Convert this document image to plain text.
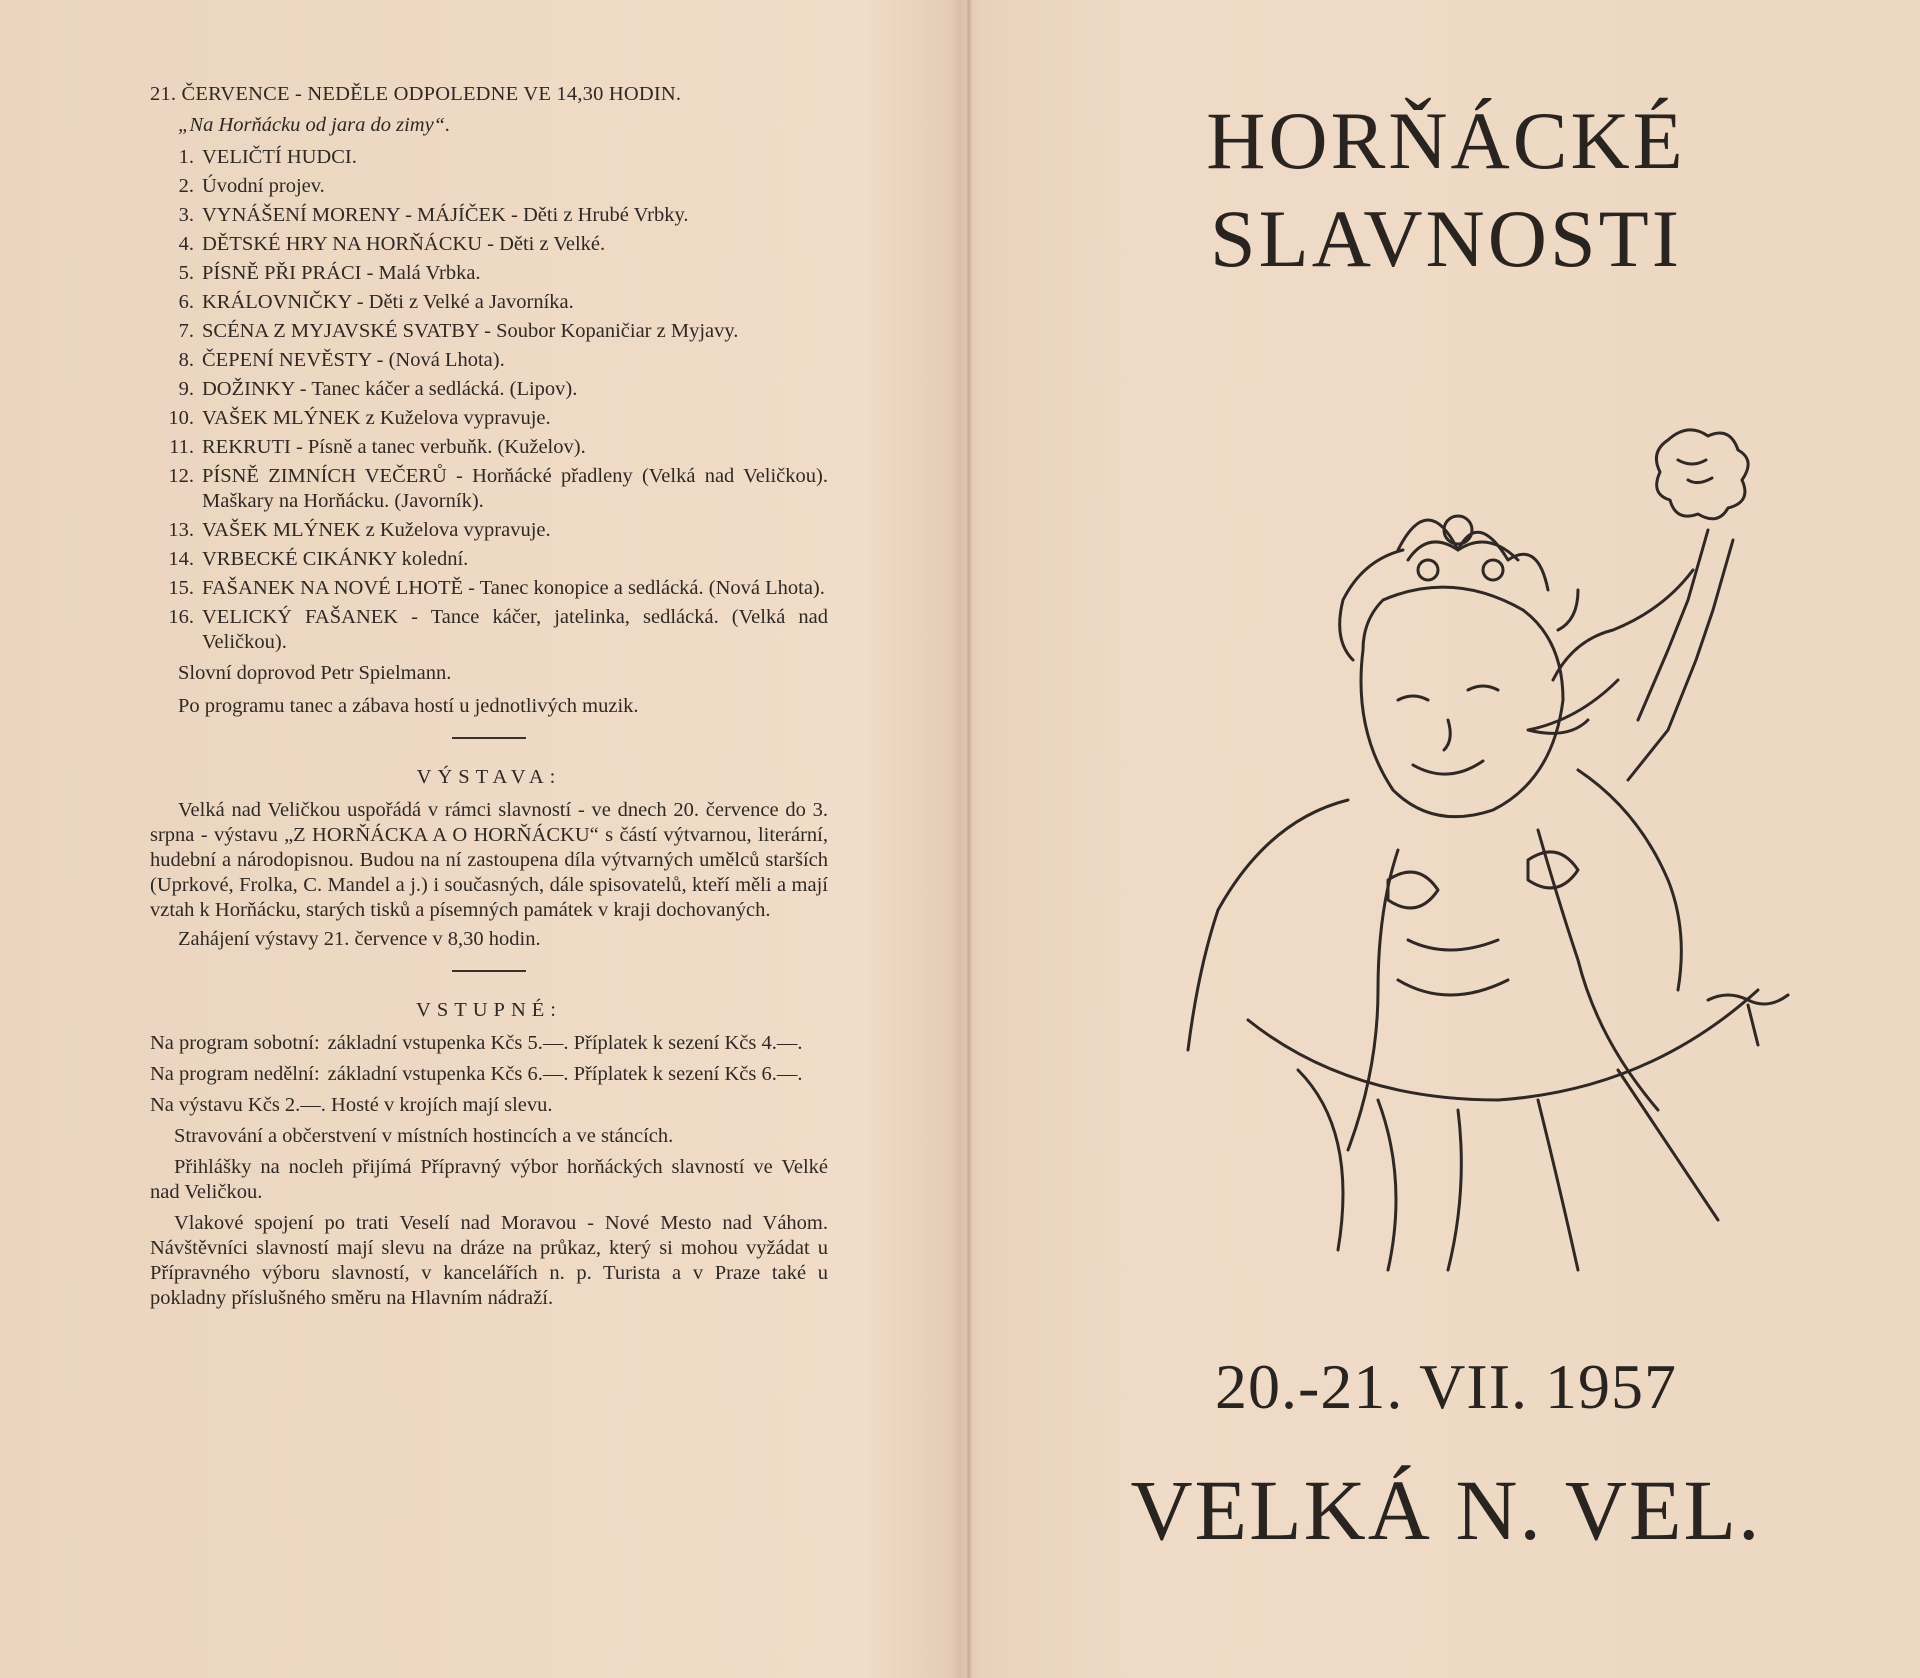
21. ČERVENCE - NEDĚLE ODPOLEDNE VE 14,30 HODIN.
„Na Horňácku od jara do zimy“.
1. VELIČTÍ HUDCI.
2. Úvodní projev.
3. VYNÁŠENÍ MORENY - MÁJÍČEK - Děti z Hrubé Vrbky.
4. DĚTSKÉ HRY NA HORŇÁCKU - Děti z Velké.
5. PÍSNĚ PŘI PRÁCI - Malá Vrbka.
6. KRÁLOVNIČKY - Děti z Velké a Javorníka.
7. SCÉNA Z MYJAVSKÉ SVATBY - Soubor Kopaničiar z Myjavy.
8. ČEPENÍ NEVĚSTY - (Nová Lhota).
9. DOŽINKY - Tanec káčer a sedlácká. (Lipov).
10. VAŠEK MLÝNEK z Kuželova vypravuje.
11. REKRUTI - Písně a tanec verbuňk. (Kuželov).
12. PÍSNĚ ZIMNÍCH VEČERŮ - Horňácké přadleny (Velká nad Veličkou). Maškary na Horňácku. (Javorník).
13. VAŠEK MLÝNEK z Kuželova vypravuje.
14. VRBECKÉ CIKÁNKY kolední.
15. FAŠANEK NA NOVÉ LHOTĚ - Tanec konopice a sedlácká. (Nová Lhota).
16. VELICKÝ FAŠANEK - Tance káčer, jatelinka, sedlácká. (Velká nad Veličkou).
Slovní doprovod Petr Spielmann.
Po programu tanec a zábava hostí u jednotlivých muzik.
VÝSTAVA:
Velká nad Veličkou uspořádá v rámci slavností - ve dnech 20. července do 3. srpna - výstavu „Z HORŇÁCKA A O HORŇÁCKU“ s částí výtvarnou, literární, hudební a národopisnou. Budou na ní zastoupena díla výtvarných umělců starších (Uprkové, Frolka, C. Mandel a j.) i současných, dále spisovatelů, kteří měli a mají vztah k Horňácku, starých tisků a písemných památek v kraji dochovaných.
Zahájení výstavy 21. července v 8,30 hodin.
VSTUPNÉ:
Na program sobotní: základní vstupenka Kčs 5.—. Příplatek k sezení Kčs 4.—.
Na program nedělní: základní vstupenka Kčs 6.—. Příplatek k sezení Kčs 6.—.
Na výstavu Kčs 2.—. Hosté v krojích mají slevu.
Stravování a občerstvení v místních hostincích a ve stáncích.
Přihlášky na nocleh přijímá Přípravný výbor horňáckých slavností ve Velké nad Veličkou.
Vlakové spojení po trati Veselí nad Moravou - Nové Mesto nad Váhom. Návštěvníci slavností mají slevu na dráze na průkaz, který si mohou vyžádat u Přípravného výboru slavností, v kancelářích n. p. Turista a v Praze také u pokladny příslušného směru na Hlavním nádraží.
HORŇÁCKÉ
SLAVNOSTI
20.-21. VII. 1957
VELKÁ N. VEL.
